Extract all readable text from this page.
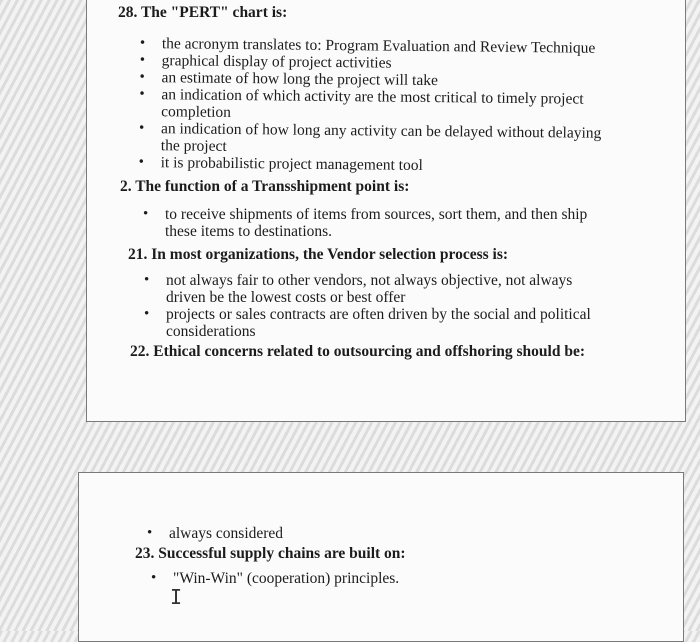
28. The "PERT" chart is:

• the acronym translates to: Program Evaluation and Review Technique
• graphical display of project activities
• an estimate of how long the project will take
• an indication of which activity are the most critical to timely project completion
• an indication of how long any activity can be delayed without delaying the project
• it is probabilistic project management tool

2. The function of a Transshipment point is:

• to receive shipments of items from sources, sort them, and then ship these items to destinations.

21. In most organizations, the Vendor selection process is:

• not always fair to other vendors, not always objective, not always driven be the lowest costs or best offer
• projects or sales contracts are often driven by the social and political considerations

22. Ethical concerns related to outsourcing and offshoring should be:

• always considered

23. Successful supply chains are built on:

• "Win-Win" (cooperation) principles.
I
